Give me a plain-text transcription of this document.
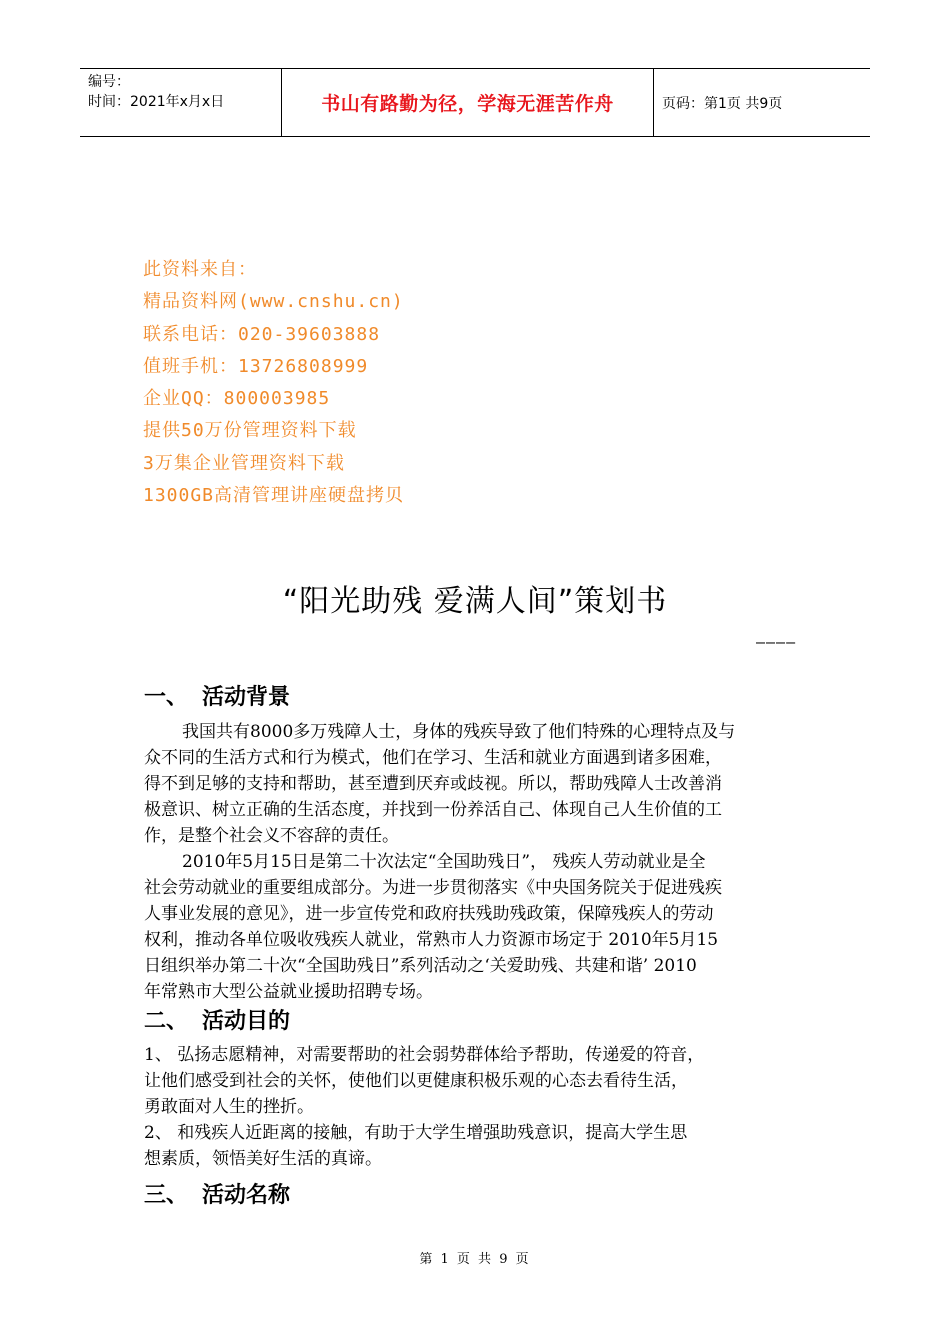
编号：
时间：2021年x月x日	书山有路勤为径，学海无涯苦作舟	页码：第1页 共9页
此资料来自：
精品资料网(www.cnshu.cn)
联系电话：020-39603888
值班手机：13726808999
企业QQ：800003985
提供50万份管理资料下载
3万集企业管理资料下载
1300GB高清管理讲座硬盘拷贝
“阳光助残 爱满人间”策划书
————
一、 活动背景
我国共有8000多万残障人士，身体的残疾导致了他们特殊的心理特点及与
众不同的生活方式和行为模式，他们在学习、生活和就业方面遇到诸多困难，
得不到足够的支持和帮助，甚至遭到厌弃或歧视。所以，帮助残障人士改善消
极意识、树立正确的生活态度，并找到一份养活自己、体现自己人生价值的工
作，是整个社会义不容辞的责任。
2010年5月15日是第二十次法定“全国助残日”， 残疾人劳动就业是全
社会劳动就业的重要组成部分。为进一步贯彻落实《中央国务院关于促进残疾
人事业发展的意见》，进一步宣传党和政府扶残助残政策，保障残疾人的劳动
权利，推动各单位吸收残疾人就业，常熟市人力资源市场定于 2010年5月15
日组织举办第二十次“全国助残日”系列活动之‘关爱助残、共建和谐’ 2010
年常熟市大型公益就业援助招聘专场。
二、 活动目的
1、 弘扬志愿精神，对需要帮助的社会弱势群体给予帮助，传递爱的符音，
让他们感受到社会的关怀，使他们以更健康积极乐观的心态去看待生活，
勇敢面对人生的挫折。
2、 和残疾人近距离的接触，有助于大学生增强助残意识，提高大学生思
想素质，领悟美好生活的真谛。
三、 活动名称
第 1 页 共 9 页
